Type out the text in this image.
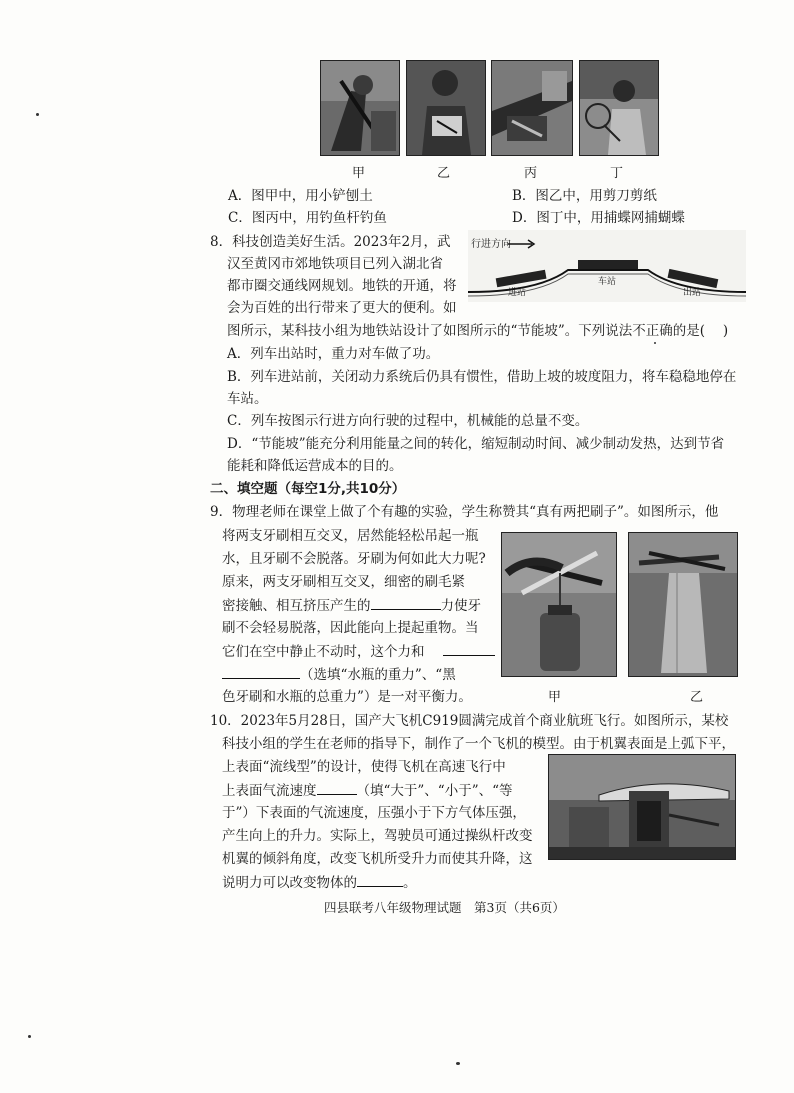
甲	乙	丙	丁
A．图甲中，用小铲刨土	B．图乙中，用剪刀剪纸
C．图丙中，用钓鱼杆钓鱼	D．图丁中，用捕蝶网捕蝴蝶
8．科技创造美好生活。2023年2月，武
汉至黄冈市郊地铁项目已列入湖北省
都市圈交通线网规划。地铁的开通，将
会为百姓的出行带来了更大的便利。如
图所示，某科技小组为地铁站设计了如图所示的“节能坡”。下列说法不正确的是(　 )
行进方向
进站
车站
出站
A．列车出站时，重力对车做了功。
B．列车进站前，关闭动力系统后仍具有惯性，借助上坡的坡度阻力，将车稳稳地停在
车站。
C．列车按图示行进方向行驶的过程中，机械能的总量不变。
D．“节能坡”能充分利用能量之间的转化，缩短制动时间、减少制动发热，达到节省
能耗和降低运营成本的目的。
二、填空题（每空1分,共10分）
9．物理老师在课堂上做了个有趣的实验，学生称赞其“真有两把刷子”。如图所示，他
将两支牙刷相互交叉，居然能轻松吊起一瓶
水，且牙刷不会脱落。牙刷为何如此大力呢?
原来，两支牙刷相互交叉，细密的刷毛紧
密接触、相互挤压产生的	力使牙
刷不会轻易脱落，因此能向上提起重物。当
它们在空中静止不动时，这个力和
（选填“水瓶的重力”、“黑
色牙刷和水瓶的总重力”）是一对平衡力。	甲	乙
10．2023年5月28日，国产大飞机C919圆满完成首个商业航班飞行。如图所示，某校
科技小组的学生在老师的指导下，制作了一个飞机的模型。由于机翼表面是上弧下平，
上表面“流线型”的设计，使得飞机在高速飞行中
上表面气流速度	（填“大于”、“小于”、“等
于”）下表面的气流速度，压强小于下方气体压强，
产生向上的升力。实际上，驾驶员可通过操纵杆改变
机翼的倾斜角度，改变飞机所受升力而使其升降，这
说明力可以改变物体的	。
四县联考八年级物理试题　第3页（共6页）
